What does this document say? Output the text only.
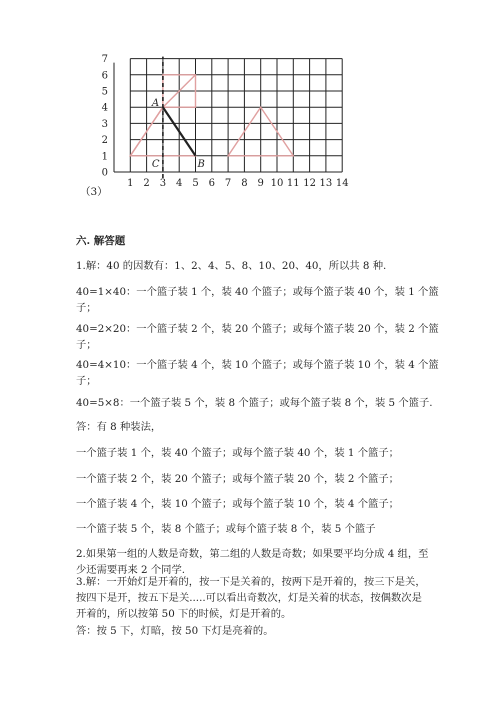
（3）
1 2 3 4 5 6 7 8 9 10 11 12 13 14
0
1
2
3
4
5
6
7
A
B
C
六. 解答题
1.解：40 的因数有：1、2、4、5、8、10、20、40，所以共 8 种.
40=1×40：一个篮子装 1 个，装 40 个篮子；或每个篮子装 40 个，装 1 个篮
子；
40=2×20：一个篮子装 2 个，装 20 个篮子；或每个篮子装 20 个，装 2 个篮
子；
40=4×10：一个篮子装 4 个，装 10 个篮子；或每个篮子装 10 个，装 4 个篮
子；
40=5×8：一个篮子装 5 个，装 8 个篮子；或每个篮子装 8 个，装 5 个篮子.
答：有 8 种装法，
一个篮子装 1 个，装 40 个篮子；或每个篮子装 40 个，装 1 个篮子；
一个篮子装 2 个，装 20 个篮子；或每个篮子装 20 个，装 2 个篮子；
一个篮子装 4 个，装 10 个篮子；或每个篮子装 10 个，装 4 个篮子；
一个篮子装 5 个，装 8 个篮子；或每个篮子装 8 个，装 5 个篮子
2.如果第一组的人数是奇数，第二组的人数是奇数；如果要平均分成 4 组，至
少还需要再来 2 个同学.
3.解：一开始灯是开着的，按一下是关着的，按两下是开着的，按三下是关，
按四下是开，按五下是关.....可以看出奇数次，灯是关着的状态，按偶数次是
开着的，所以按第 50 下的时候，灯是开着的。
答：按 5 下，灯暗，按 50 下灯是亮着的。
